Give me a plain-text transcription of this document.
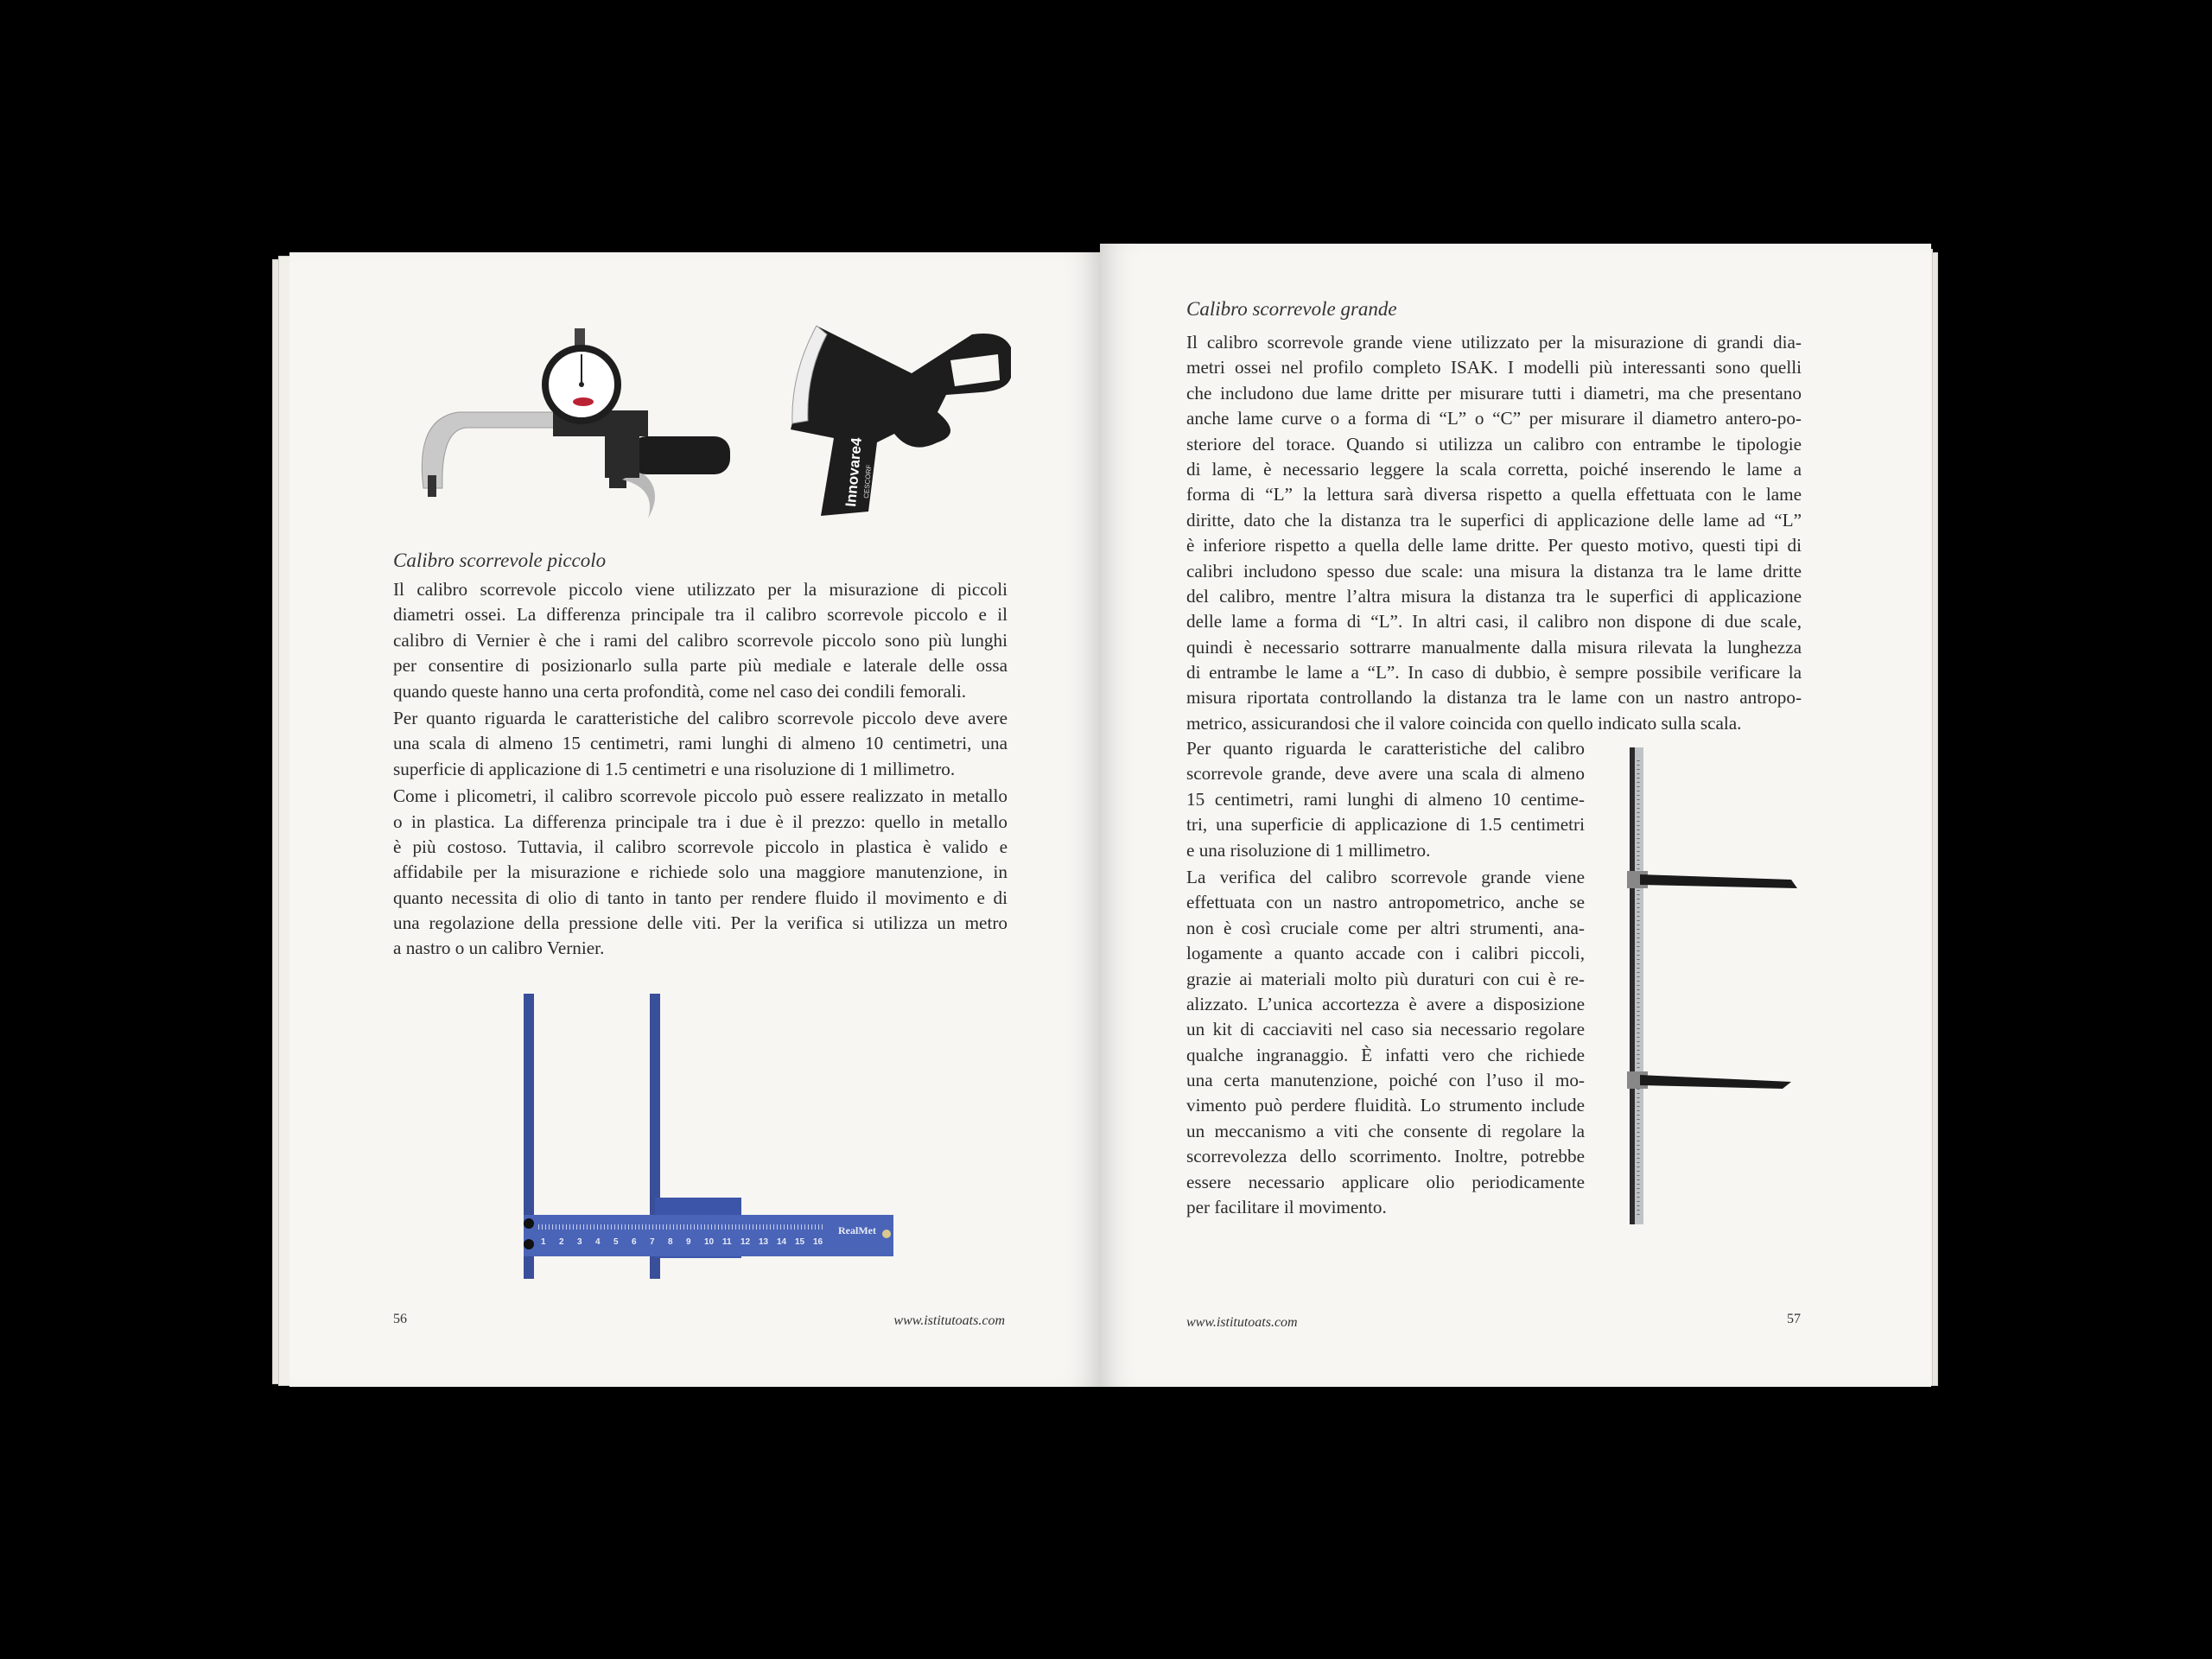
Innovare4
CESCORF
Calibro scorrevole piccolo
Il calibro scorrevole piccolo viene utilizzato per la misurazione di piccoli
diametri ossei. La differenza principale tra il calibro scorrevole piccolo e il
calibro di Vernier è che i rami del calibro scorrevole piccolo sono più lunghi
per consentire di posizionarlo sulla parte più mediale e laterale delle ossa
quando queste hanno una certa profondità, come nel caso dei condili femorali.
Per quanto riguarda le caratteristiche del calibro scorrevole piccolo deve avere
una scala di almeno 15 centimetri, rami lunghi di almeno 10 centimetri, una
superficie di applicazione di 1.5 centimetri e una risoluzione di 1 millimetro.
Come i plicometri, il calibro scorrevole piccolo può essere realizzato in metallo
o in plastica. La differenza principale tra i due è il prezzo: quello in metallo
è più costoso. Tuttavia, il calibro scorrevole piccolo in plastica è valido e
affidabile per la misurazione e richiede solo una maggiore manutenzione, in
quanto necessita di olio di tanto in tanto per rendere fluido il movimento e di
una regolazione della pressione delle viti. Per la verifica si utilizza un metro
a nastro o un calibro Vernier.
1 2 3 4 5 6 7 8 9 10 11 12 13 14 15 16
RealMet
56	www.istitutoats.com
Calibro scorrevole grande
Il calibro scorrevole grande viene utilizzato per la misurazione di grandi dia-
metri ossei nel profilo completo ISAK. I modelli più interessanti sono quelli
che includono due lame dritte per misurare tutti i diametri, ma che presentano
anche lame curve o a forma di “L” o “C” per misurare il diametro antero-po-
steriore del torace. Quando si utilizza un calibro con entrambe le tipologie
di lame, è necessario leggere la scala corretta, poiché inserendo le lame a
forma di “L” la lettura sarà diversa rispetto a quella effettuata con le lame
diritte, dato che la distanza tra le superfici di applicazione delle lame ad “L”
è inferiore rispetto a quella delle lame dritte. Per questo motivo, questi tipi di
calibri includono spesso due scale: una misura la distanza tra le lame dritte
del calibro, mentre l’altra misura la distanza tra le superfici di applicazione
delle lame a forma di “L”. In altri casi, il calibro non dispone di due scale,
quindi è necessario sottrarre manualmente dalla misura rilevata la lunghezza
di entrambe le lame a “L”. In caso di dubbio, è sempre possibile verificare la
misura riportata controllando la distanza tra le lame con un nastro antropo-
metrico, assicurandosi che il valore coincida con quello indicato sulla scala.
Per quanto riguarda le caratteristiche del calibro
scorrevole grande, deve avere una scala di almeno
15 centimetri, rami lunghi di almeno 10 centime-
tri, una superficie di applicazione di 1.5 centimetri
e una risoluzione di 1 millimetro.
La verifica del calibro scorrevole grande viene
effettuata con un nastro antropometrico, anche se
non è così cruciale come per altri strumenti, ana-
logamente a quanto accade con i calibri piccoli,
grazie ai materiali molto più duraturi con cui è re-
alizzato. L’unica accortezza è avere a disposizione
un kit di cacciaviti nel caso sia necessario regolare
qualche ingranaggio. È infatti vero che richiede
una certa manutenzione, poiché con l’uso il mo-
vimento può perdere fluidità. Lo strumento include
un meccanismo a viti che consente di regolare la
scorrevolezza dello scorrimento. Inoltre, potrebbe
essere necessario applicare olio periodicamente
per facilitare il movimento.
www.istitutoats.com	57
